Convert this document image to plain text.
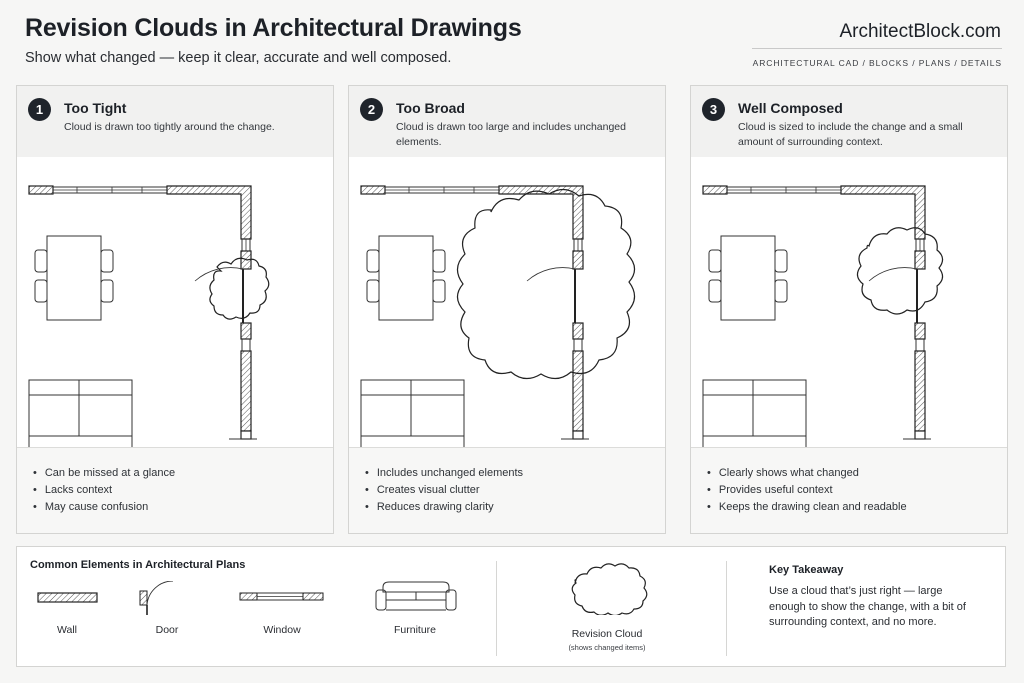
Revision Clouds in Architectural Drawings
Show what changed — keep it clear, accurate and well composed.
ArchitectBlock.com
ARCHITECTURAL CAD / BLOCKS / PLANS / DETAILS
1	Too Tight
Cloud is drawn too tightly around the change.
• Can be missed at a glance
• Lacks context
• May cause confusion
2	Too Broad
Cloud is drawn too large and includes unchanged elements.
• Includes unchanged elements
• Creates visual clutter
• Reduces drawing clarity
3	Well Composed
Cloud is sized to include the change and a small amount of surrounding context.
• Clearly shows what changed
• Provides useful context
• Keeps the drawing clean and readable
Common Elements in Architectural Plans
Wall	Door	Window	Furniture	Revision Cloud
(shows changed items)
Key Takeaway
Use a cloud that’s just right — large enough to show the change, with a bit of surrounding context, and no more.
